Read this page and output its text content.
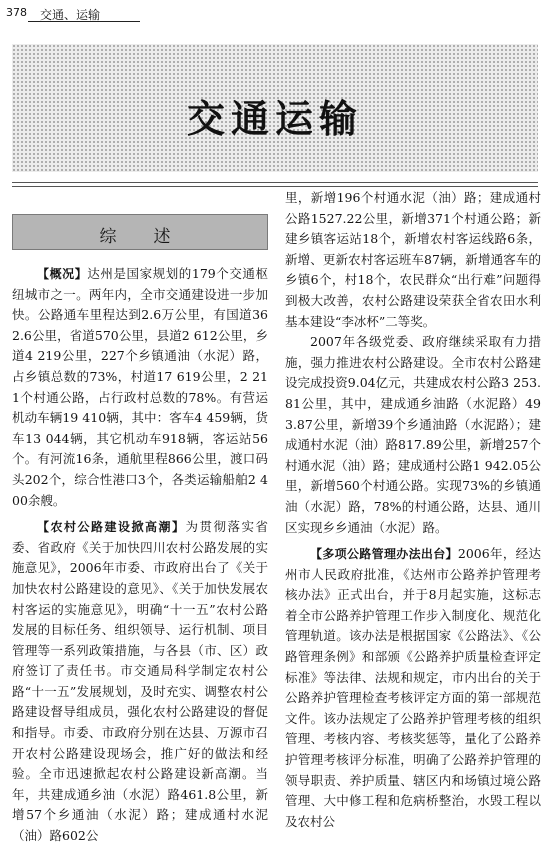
378 交通、运输
交通运输
综　述

【概况】达州是国家规划的179个交通枢纽城市之一。两年内，全市交通建设进一步加快。公路通车里程达到2.6万公里，有国道362.6公里，省道570公里，县道2 612公里，乡道4 219公里，227个乡镇通油（水泥）路，占乡镇总数的73%，村道17 619公里，2 211个村通公路，占行政村总数的78%。有营运机动车辆19 410辆，其中：客车4 459辆，货车13 044辆，其它机动车918辆，客运站56个。有河流16条，通航里程866公里，渡口码头202个，综合性港口3个，各类运输船舶2 400余艘。

【农村公路建设掀高潮】为贯彻落实省委、省政府《关于加快四川农村公路发展的实施意见》，2006年市委、市政府出台了《关于加快农村公路建设的意见》、《关于加快发展农村客运的实施意见》，明确“十一五”农村公路发展的目标任务、组织领导、运行机制、项目管理等一系列政策措施，与各县（市、区）政府签订了责任书。市交通局科学制定农村公路“十一五”发展规划，及时充实、调整农村公路建设督导组成员，强化农村公路建设的督促和指导。市委、市政府分别在达县、万源市召开农村公路建设现场会，推广好的做法和经验。全市迅速掀起农村公路建设新高潮。当年，共建成通乡油（水泥）路461.8公里，新增57个乡通油（水泥）路；建成通村水泥（油）路602公

里，新增196个村通水泥（油）路；建成通村公路1527.22公里，新增371个村通公路；新建乡镇客运站18个，新增农村客运线路6条，新增、更新农村客运班车87辆，新增通客车的乡镇6个，村18个，农民群众“出行难”问题得到极大改善，农村公路建设荣获全省农田水利基本建设“李冰杯”二等奖。

2007年各级党委、政府继续采取有力措施，强力推进农村公路建设。全市农村公路建设完成投资9.04亿元，共建成农村公路3 253.81公里，其中，建成通乡油路（水泥路）493.87公里，新增39个乡通油路（水泥路）；建成通村水泥（油）路817.89公里，新增257个村通水泥（油）路；建成通村公路1 942.05公里，新增560个村通公路。实现73%的乡镇通油（水泥）路，78%的村通公路，达县、通川区实现乡乡通油（水泥）路。

【多项公路管理办法出台】2006年，经达州市人民政府批准，《达州市公路养护管理考核办法》正式出台，并于8月起实施，这标志着全市公路养护管理工作步入制度化、规范化管理轨道。该办法是根据国家《公路法》、《公路管理条例》和部颁《公路养护质量检查评定标准》等法律、法规和规定，市内出台的关于公路养护管理检查考核评定方面的第一部规范文件。该办法规定了公路养护管理考核的组织管理、考核内容、考核奖惩等，量化了公路养护管理考核评分标准，明确了公路养护管理的领导职责、养护质量、辖区内和场镇过境公路管理、大中修工程和危病桥整治，水毁工程以及农村公
